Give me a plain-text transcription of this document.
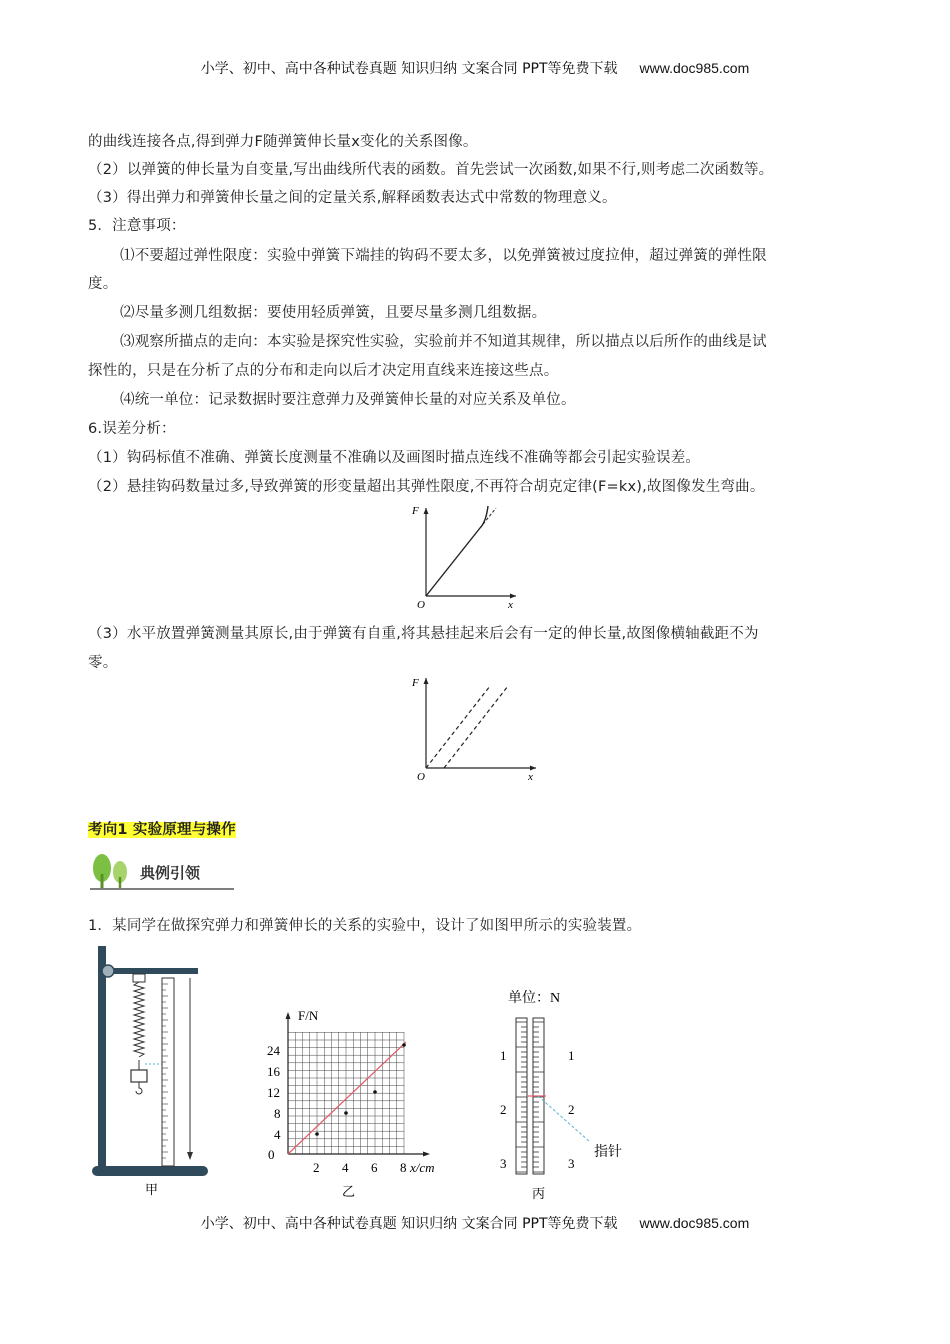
小学、初中、高中各种试卷真题 知识归纳 文案合同 PPT等免费下载 www.doc985.com
小学、初中、高中各种试卷真题 知识归纳 文案合同 PPT等免费下载 www.doc985.com
的曲线连接各点,得到弹力F随弹簧伸长量x变化的关系图像。
（2）以弹簧的伸长量为自变量,写出曲线所代表的函数。首先尝试一次函数,如果不行,则考虑二次函数等。
（3）得出弹力和弹簧伸长量之间的定量关系,解释函数表达式中常数的物理意义。
5．注意事项：
⑴不要超过弹性限度：实验中弹簧下端挂的钩码不要太多，以免弹簧被过度拉伸，超过弹簧的弹性限
度。
⑵尽量多测几组数据：要使用轻质弹簧，且要尽量多测几组数据。
⑶观察所描点的走向：本实验是探究性实验，实验前并不知道其规律，所以描点以后所作的曲线是试
探性的，只是在分析了点的分布和走向以后才决定用直线来连接这些点。
⑷统一单位：记录数据时要注意弹力及弹簧伸长量的对应关系及单位。
6.误差分析：
（1）钩码标值不准确、弹簧长度测量不准确以及画图时描点连线不准确等都会引起实验误差。
（2）悬挂钩码数量过多,导致弹簧的形变量超出其弹性限度,不再符合胡克定律(F=kx),故图像发生弯曲。
F
O	x
（3）水平放置弹簧测量其原长,由于弹簧有自重,将其悬挂起来后会有一定的伸长量,故图像横轴截距不为
零。
F
O	x
考向1 实验原理与操作
典例引领
1．某同学在做探究弹力和弹簧伸长的关系的实验中，设计了如图甲所示的实验装置。
甲
F/N
0
4
8
12
16
24
2 4 6 8 x/cm
乙
单位：N
1
2
3
1
2
3
指针
丙
